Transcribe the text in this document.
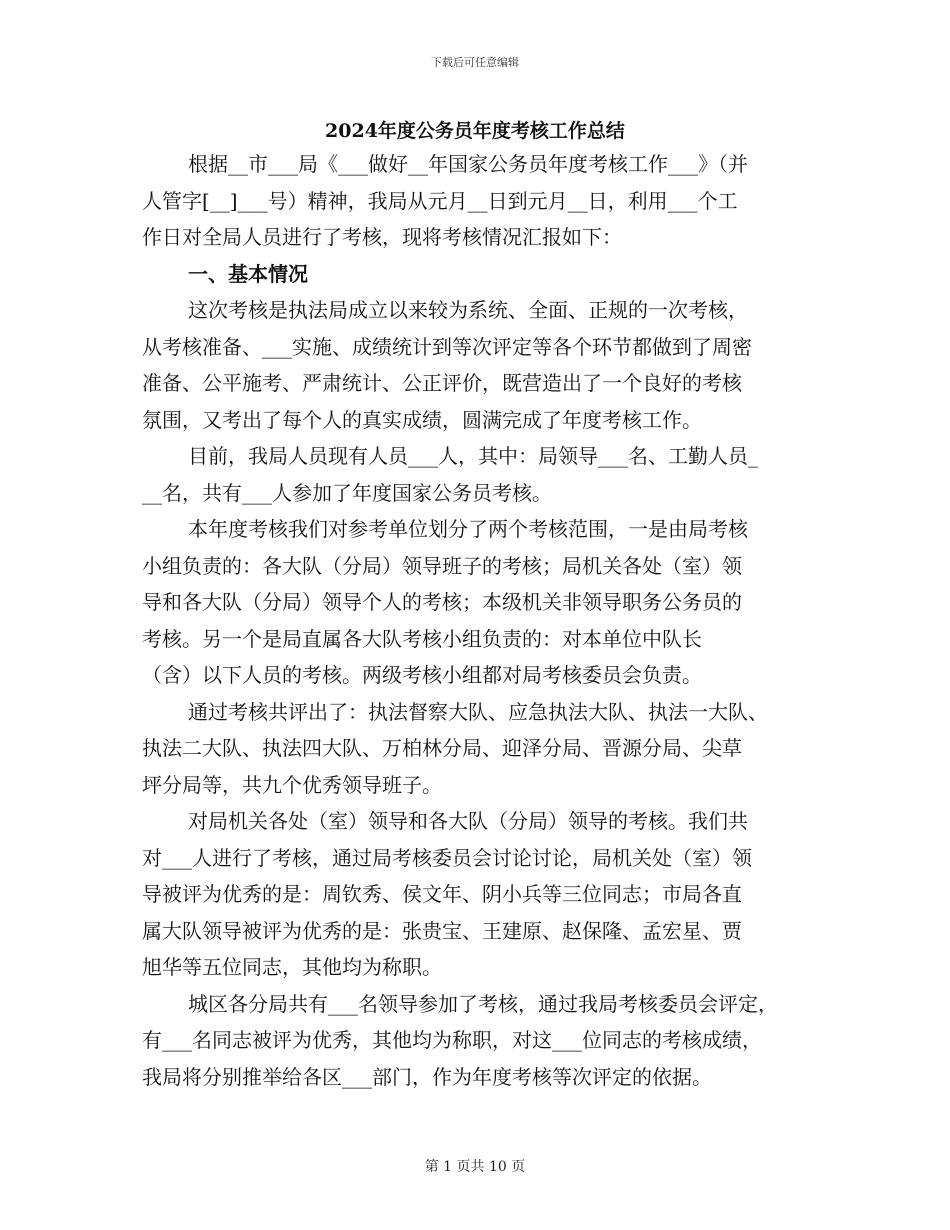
下载后可任意编辑
2024年度公务员年度考核工作总结
根据__市___局《___做好__年国家公务员年度考核工作___》（并
人管字[__]___号）精神，我局从元月__日到元月__日，利用___个工
作日对全局人员进行了考核，现将考核情况汇报如下：
一、基本情况
这次考核是执法局成立以来较为系统、全面、正规的一次考核，
从考核准备、___实施、成绩统计到等次评定等各个环节都做到了周密
准备、公平施考、严肃统计、公正评价，既营造出了一个良好的考核
氛围，又考出了每个人的真实成绩，圆满完成了年度考核工作。
目前，我局人员现有人员___人，其中：局领导___名、工勤人员_
__名，共有___人参加了年度国家公务员考核。
本年度考核我们对参考单位划分了两个考核范围，一是由局考核
小组负责的：各大队（分局）领导班子的考核；局机关各处（室）领
导和各大队（分局）领导个人的考核；本级机关非领导职务公务员的
考核。另一个是局直属各大队考核小组负责的：对本单位中队长
（含）以下人员的考核。两级考核小组都对局考核委员会负责。
通过考核共评出了：执法督察大队、应急执法大队、执法一大队、
执法二大队、执法四大队、万柏林分局、迎泽分局、晋源分局、尖草
坪分局等，共九个优秀领导班子。
对局机关各处（室）领导和各大队（分局）领导的考核。我们共
对___人进行了考核，通过局考核委员会讨论讨论，局机关处（室）领
导被评为优秀的是：周钦秀、侯文年、阴小兵等三位同志；市局各直
属大队领导被评为优秀的是：张贵宝、王建原、赵保隆、孟宏星、贾
旭华等五位同志，其他均为称职。
城区各分局共有___名领导参加了考核，通过我局考核委员会评定，
有___名同志被评为优秀，其他均为称职，对这___位同志的考核成绩，
我局将分别推举给各区___部门，作为年度考核等次评定的依据。
第 1 页共 10 页
